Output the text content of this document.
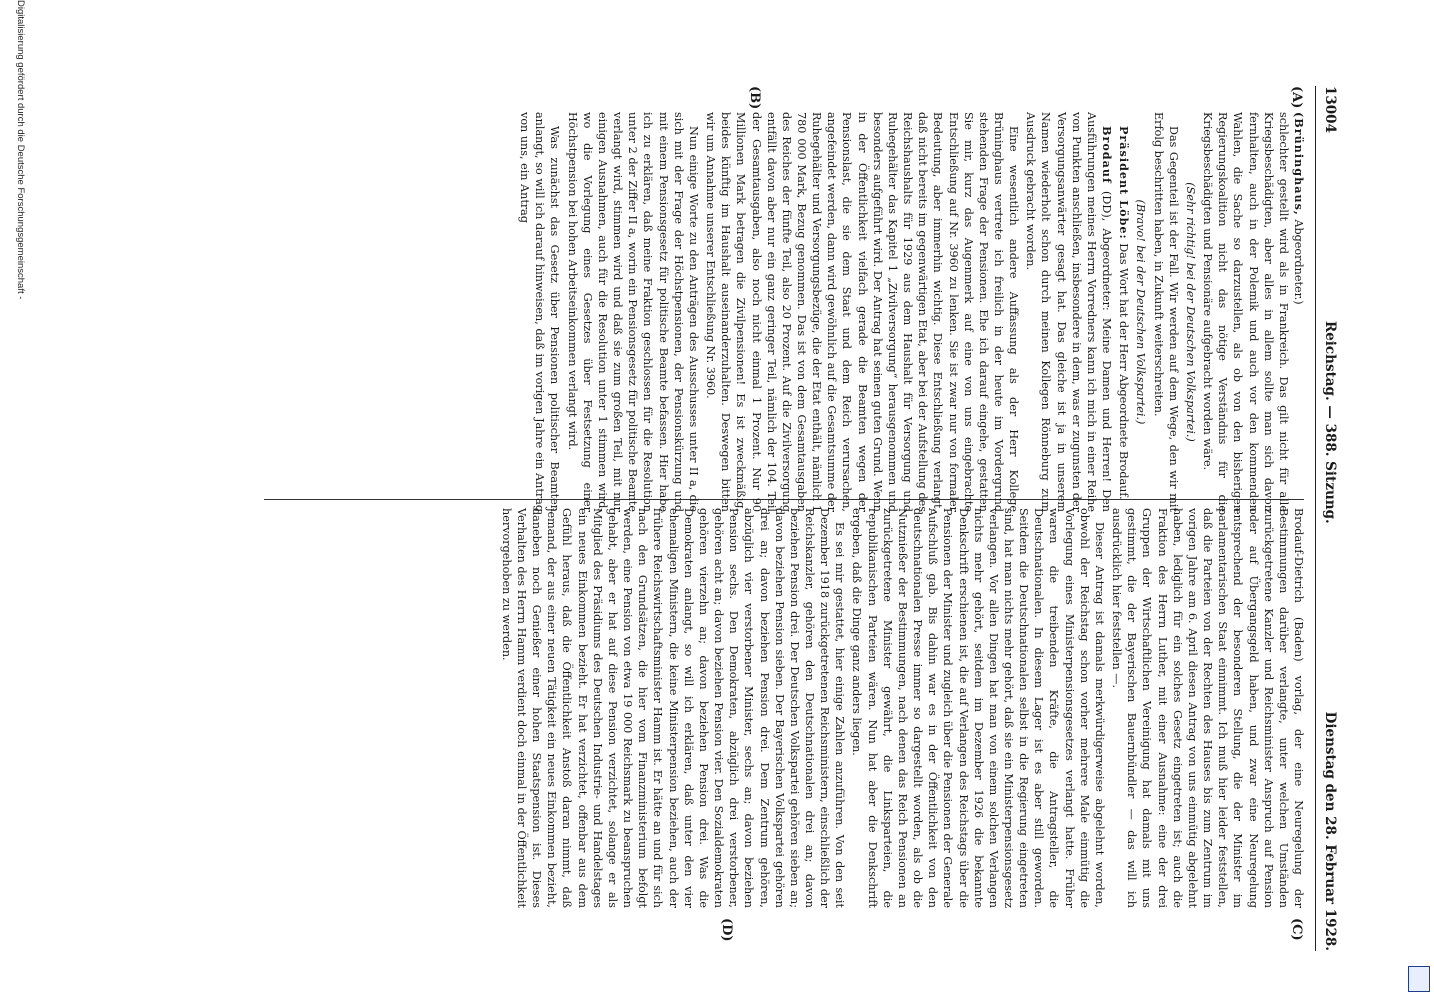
13004
Reichstag. — 388. Sitzung.
Dienstag den 28. Februar 1928.
(A)
(B)
(C)
(D)

(Brüninghaus, Abgeordneter.)
schlechter gestellt wird als in Frankreich. Das gilt nicht für alle Kriegsbeschädigten, aber alles in allem sollte man sich davon fernhalten, auch in der Polemik und auch vor den kommenden Wahlen, die Sache so darzustellen, als ob von den bisherigen Regierungskoalition nicht das nötige Verständnis für die Kriegsbeschädigten und Pensionäre aufgebracht worden wäre.

(Sehr richtig! bei der Deutschen Volkspartei.)

Das Gegenteil ist der Fall. Wir werden auf dem Wege, den wir mit Erfolg beschritten haben, in Zukunft weiterschreiten.

(Bravo! bei der Deutschen Volkspartei.)

Präsident Löbe: Das Wort hat der Herr Abgeordnete Brodauf.

Brodauf (DD), Abgeordneter: Meine Damen und Herren! Den Ausführungen meines Herrn Vorredners kann ich mich in einer Reihe von Punkten anschließen, insbesondere in dem, was er zugunsten der Versorgungsanwärter gesagt hat. Das gleiche ist ja in unserem Namen wiederholt schon durch meinen Kollegen Rönneburg zum Ausdruck gebracht worden.

Eine wesentlich andere Auffassung als der Herr Kollege Brüninghaus vertrete ich freilich in der heute im Vordergrund stehenden Frage der Pensionen. Ehe ich darauf eingehe, gestatten Sie mir, kurz das Augenmerk auf eine von uns eingebrachte Entschließung auf Nr. 3960 zu lenken. Sie ist zwar nur von formaler Bedeutung, aber immerhin wichtig. Diese Entschließung verlangt, daß nicht bereits im gegenwärtigen Etat, aber bei der Aufstellung des Reichshaushalts für 1929 aus dem Haushalt für Versorgung und Ruhegehälter das Kapitel 1 „Zivilversorgung“ herausgenommen und besonders aufgeführt wird. Der Antrag hat seinen guten Grund. Wenn in der Öffentlichkeit vielfach gerade die Beamten wegen der Pensionslast, die sie dem Staat und dem Reich verursachen, angefeindet werden, dann wird gewöhnlich auf die Gesamtsumme der Ruhegehälter und Versorgungsbezüge, die der Etat enthält, nämlich 1 780 000 Mark, Bezug genommen. Das ist von dem Gesamtausgaben des Reiches der fünfte Teil, also 20 Prozent. Auf die Zivilversorgung entfällt davon aber nur ein ganz geringer Teil, nämlich der 104. Teil der Gesamtausgaben, also noch nicht einmal 1 Prozent. Nur 90 Millionen Mark betragen die Zivilpensionen! Es ist zweckmäßig, beides künftig im Haushalt auseinanderzuhalten. Deswegen bitten wir um Annahme unserer Entschließung Nr. 3960.

Nun einige Worte zu den Anträgen des Ausschusses unter II a, die sich mit der Frage der Höchstpensionen, der Pensionskürzung und mit einem Pensionsgesetz für politische Beamte befassen. Hier habe ich zu erklären, daß meine Fraktion geschlossen für die Resolution unter 2 der Ziffer II a, worin ein Pensionsgesetz für politische Beamte verlangt wird, stimmen wird und daß sie zum großen Teil, mit nur einigen Ausnahmen, auch für die Resolution unter 1 stimmen wird, wo die Vorlegung eines Gesetzes über Festsetzung einer Höchstpension bei hohen Arbeitseinkommen verlangt wird.

Was zunächst das Gesetz über Pensionen politischer Beamten anlangt, so will ich darauf hinweisen, daß im vorigen Jahre ein Antrag von uns, ein Antrag

Brodauf-Dietrich (Baden) vorlag, der eine Neuregelung der Bestimmungen darüber verlangte, unter welchen Umständen zurückgetretene Kanzler und Reichsminister Anspruch auf Pension oder auf Übergangsgeld haben, und zwar eine Neuregelung entsprechend der besonderen Stellung, die der Minister im parlamentarischen Staat einnimmt. Ich muß hier leider feststellen, daß die Parteien von der Rechten des Hauses bis zum Zentrum im vorigen Jahre am 6. April diesen Antrag von uns einmütig abgelehnt haben, lediglich für ein solches Gesetz eingetreten ist; auch die Fraktion des Herrn Luther, mit einer Ausnahme: eine der drei Gruppen der Wirtschaftlichen Vereinigung hat damals mit uns gestimmt, die der Bayerischen Bauernbündler — das will ich ausdrücklich hier feststellen —.

Dieser Antrag ist damals merkwürdigerweise abgelehnt worden, obwohl der Reichstag schon vorher mehrere Male einmütig die Vorlegung eines Ministerpensionsgesetzes verlangt hatte. Früher waren die treibenden Kräfte, die Antragsteller, die Deutschnationalen. In diesem Lager ist es aber still geworden. Seitdem die Deutschnationalen selbst in die Regierung eingetreten sind, hat man nichts mehr gehört, daß sie ein Ministerpensionsgesetz verlangen. Vor allen Dingen hat man von einem solchen Verlangen nichts mehr gehört, seitdem im Dezember 1926 die bekannte Denkschrift erschienen ist, die auf Verlangen des Reichstags über die Pensionen der Minister und zugleich über die Pensionen der Generale Aufschluß gab. Bis dahin war es in der Öffentlichkeit von den deutschnationalen Presse immer so dargestellt worden, als ob die Nutznießer der Bestimmungen, nach denen das Reich Pensionen an zurückgetretene Minister gewährt, die Linksparteien, die republikanischen Parteien wären. Nun hat aber die Denkschrift ergeben, daß die Dinge ganz anders liegen.

Es sei mir gestattet, hier einige Zahlen anzuführen. Von den seit Dezember 1918 zurückgetretenen Reichsministern, einschließlich der Reichskanzler, gehören den Deutschnationalen drei an; davon beziehen Pension drei. Der Deutschen Volkspartei gehören sieben an; davon beziehen Pension sieben. Der Bayerischen Volkspartei gehören drei an; davon beziehen Pension drei. Dem Zentrum gehören, abzüglich vier verstorbener Minister, sechs an; davon beziehen Pension sechs. Den Demokraten, abzüglich drei verstorbener, gehören acht an; davon beziehen Pension vier. Den Sozialdemokraten gehören vierzehn an; davon beziehen Pension drei. Was die Demokraten anlangt, so will ich erklären, daß unter den vier ehemaligen Ministern, die keine Ministerpension beziehen, auch der frühere Reichswirtschaftsminister Hamm ist. Er hätte an und für sich nach den Grundsätzen, die hier vom Finanzministerium befolgt werden, eine Pension von etwa 19 000 Reichsmark zu beanspruchen gehabt, aber er hat auf diese Pension verzichtet, solange er als Mitglied des Präsidiums des Deutschen Industrie- und Handelstages ein neues Einkommen bezieht. Er hat verzichtet, offenbar aus dem Gefühl heraus, daß die Öffentlichkeit Anstoß daran nimmt, daß jemand, der aus einer neuen Tätigkeit ein neues Einkommen bezieht, daneben noch Genießer einer hohen Staatspension ist. Dieses Verhalten des Herrn Hamm verdient doch einmal in der Öffentlichkeit hervorgehoben zu werden.

Digitalisierung gefördert durch die Deutsche Forschungsgemeinschaft -
